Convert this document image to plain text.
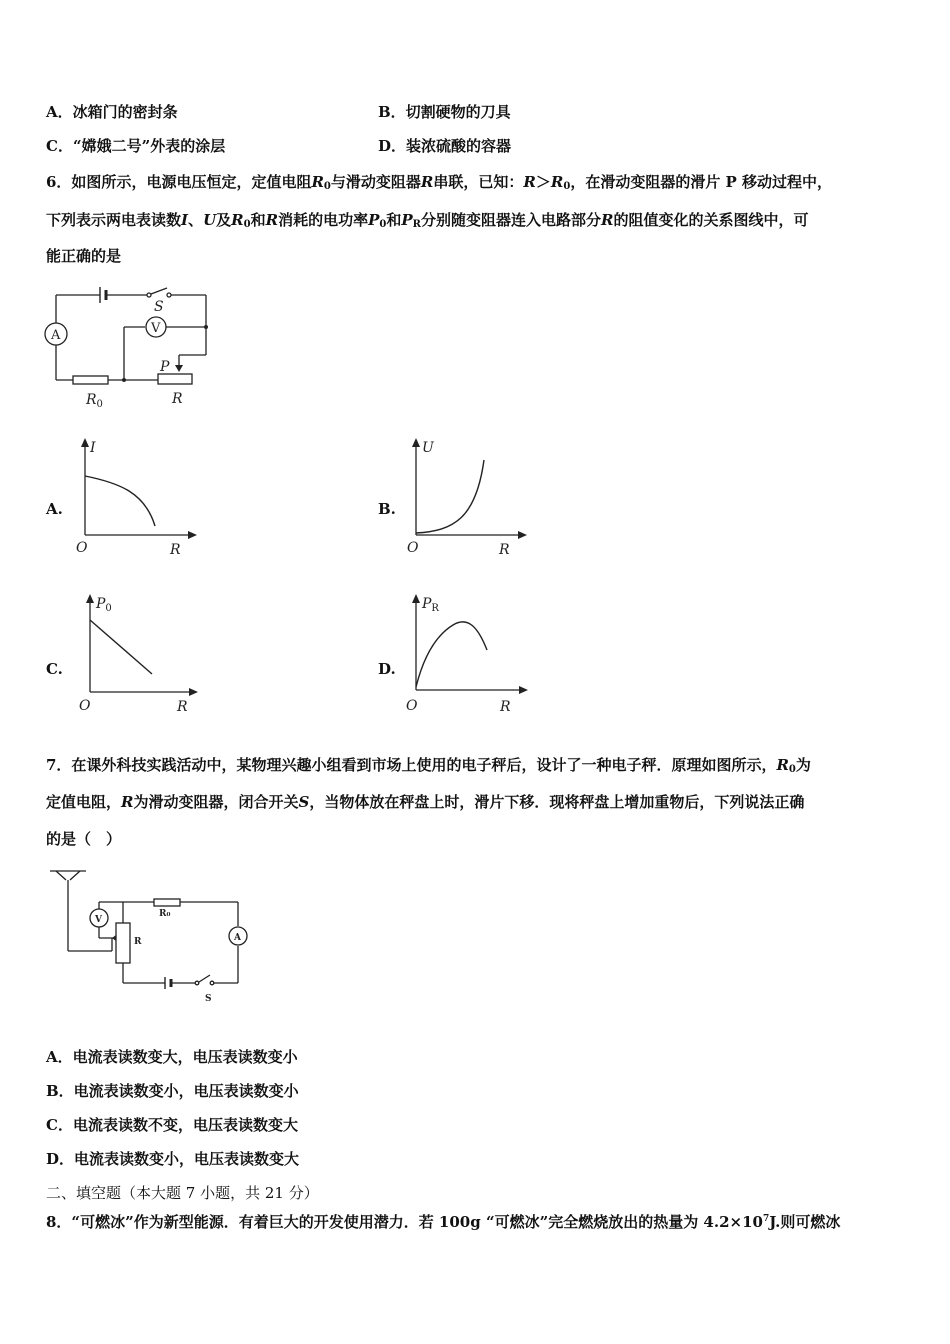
A．冰箱门的密封条	B．切割硬物的刀具
C．“嫦娥二号”外表的涂层	D．装浓硫酸的容器
6．如图所示，电源电压恒定，定值电阻$R_0$与滑动变阻器R串联，已知：$R>R_0$，在滑动变阻器的滑片 P 移动过程中，
下列表示两电表读数I、U及$R_0$和R消耗的电功率$P_0$和$P_R$分别随变阻器连入电路部分R的阻值变化的关系图线中，可
能正确的是
A	V
S
P
$R_0$	R
A.
I
O	R
B.
U
O	R
C.
$P_0$
O	R
D.
$P_R$
O	R
7．在课外科技实践活动中，某物理兴趣小组看到市场上使用的电子秤后，设计了一种电子秤．原理如图所示，$R_0$为
定值电阻，R为滑动变阻器，闭合开关S，当物体放在秤盘上时，滑片下移．现将秤盘上增加重物后，下列说法正确
的是（　）
V
R₀
R	A
S
A．电流表读数变大，电压表读数变小
B．电流表读数变小，电压表读数变小
C．电流表读数不变，电压表读数变大
D．电流表读数变小，电压表读数变大
二、填空题（本大题 7 小题，共 21 分）
8．“可燃冰”作为新型能源．有着巨大的开发使用潜力．若 100g “可燃冰”完全燃烧放出的热量为 $4.2\times 10^7J$.则可燃冰
